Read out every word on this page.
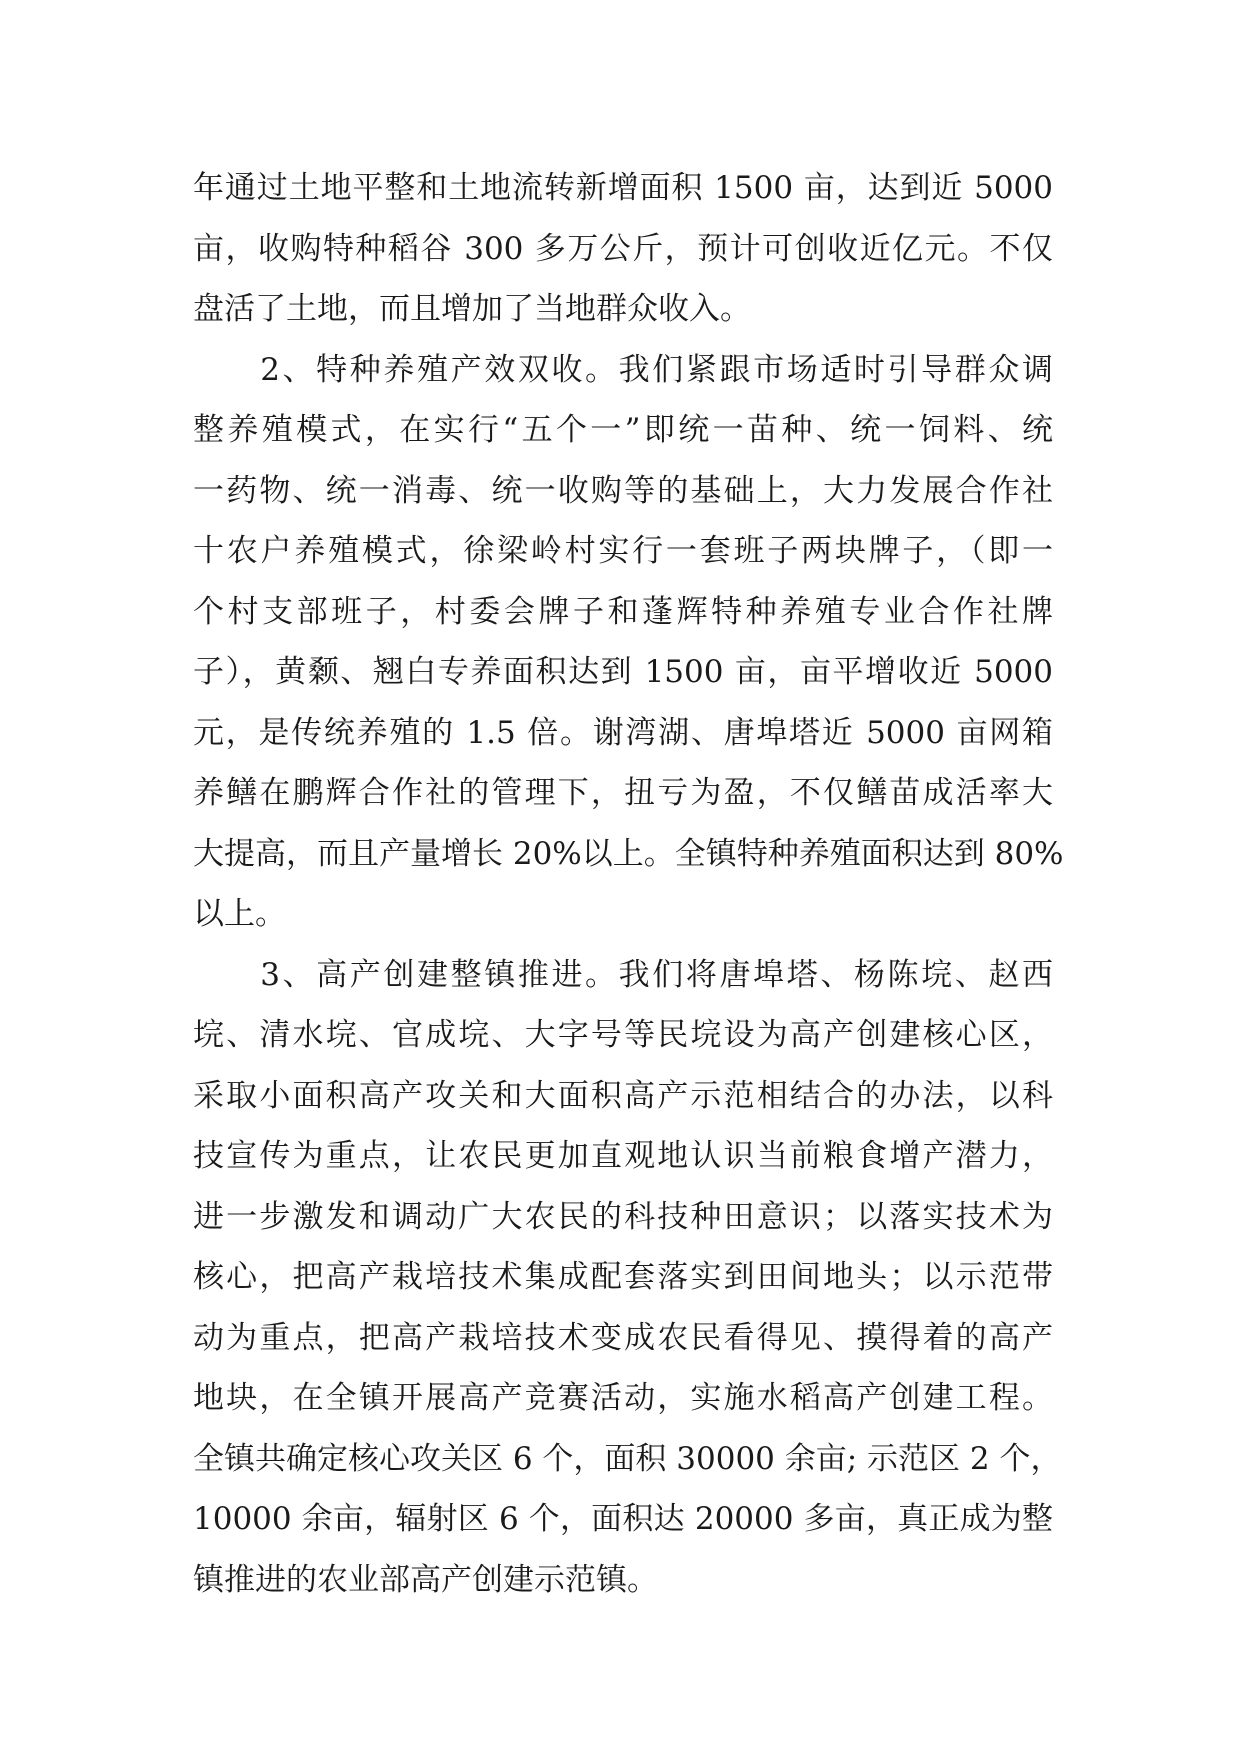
年通过土地平整和土地流转新增面积 1500 亩，达到近 5000
亩，收购特种稻谷 300 多万公斤，预计可创收近亿元。不仅
盘活了土地，而且增加了当地群众收入。
　　2、特种养殖产效双收。我们紧跟市场适时引导群众调
整养殖模式，在实行“五个一”即统一苗种、统一饲料、统
一药物、统一消毒、统一收购等的基础上，大力发展合作社
十农户养殖模式，徐梁岭村实行一套班子两块牌子，（即一
个村支部班子，村委会牌子和蓬辉特种养殖专业合作社牌
子），黄颡、翘白专养面积达到 1500 亩，亩平增收近 5000
元，是传统养殖的 1.5 倍。谢湾湖、唐埠塔近 5000 亩网箱
养鳝在鹏辉合作社的管理下，扭亏为盈，不仅鳝苗成活率大
大提高，而且产量增长 20%以上。全镇特种养殖面积达到 80%
以上。
　　3、高产创建整镇推进。我们将唐埠塔、杨陈垸、赵西
垸、清水垸、官成垸、大字号等民垸设为高产创建核心区，
采取小面积高产攻关和大面积高产示范相结合的办法，以科
技宣传为重点，让农民更加直观地认识当前粮食增产潜力，
进一步激发和调动广大农民的科技种田意识；以落实技术为
核心，把高产栽培技术集成配套落实到田间地头；以示范带
动为重点，把高产栽培技术变成农民看得见、摸得着的高产
地块，在全镇开展高产竞赛活动，实施水稻高产创建工程。
全镇共确定核心攻关区 6 个，面积 30000 余亩; 示范区 2 个，
10000 余亩，辐射区 6 个，面积达 20000 多亩，真正成为整
镇推进的农业部高产创建示范镇。
